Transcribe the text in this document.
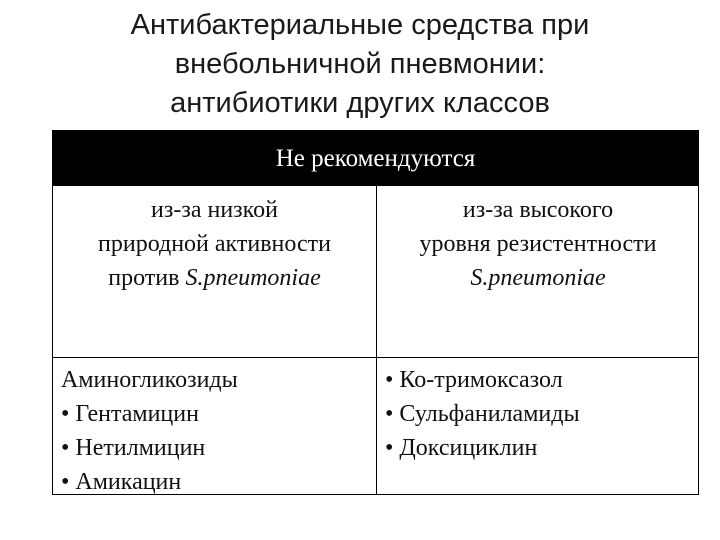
Антибактериальные средства при
внебольничной пневмонии:
антибиотики других классов
Не рекомендуются
из-за низкой
природной активности
против S.pneumoniae
из-за высокого
уровня резистентности
S.pneumoniae
Аминогликозиды
• Гентамицин
• Нетилмицин
• Амикацин
• Ко-тримоксазол
• Сульфаниламиды
• Доксициклин
